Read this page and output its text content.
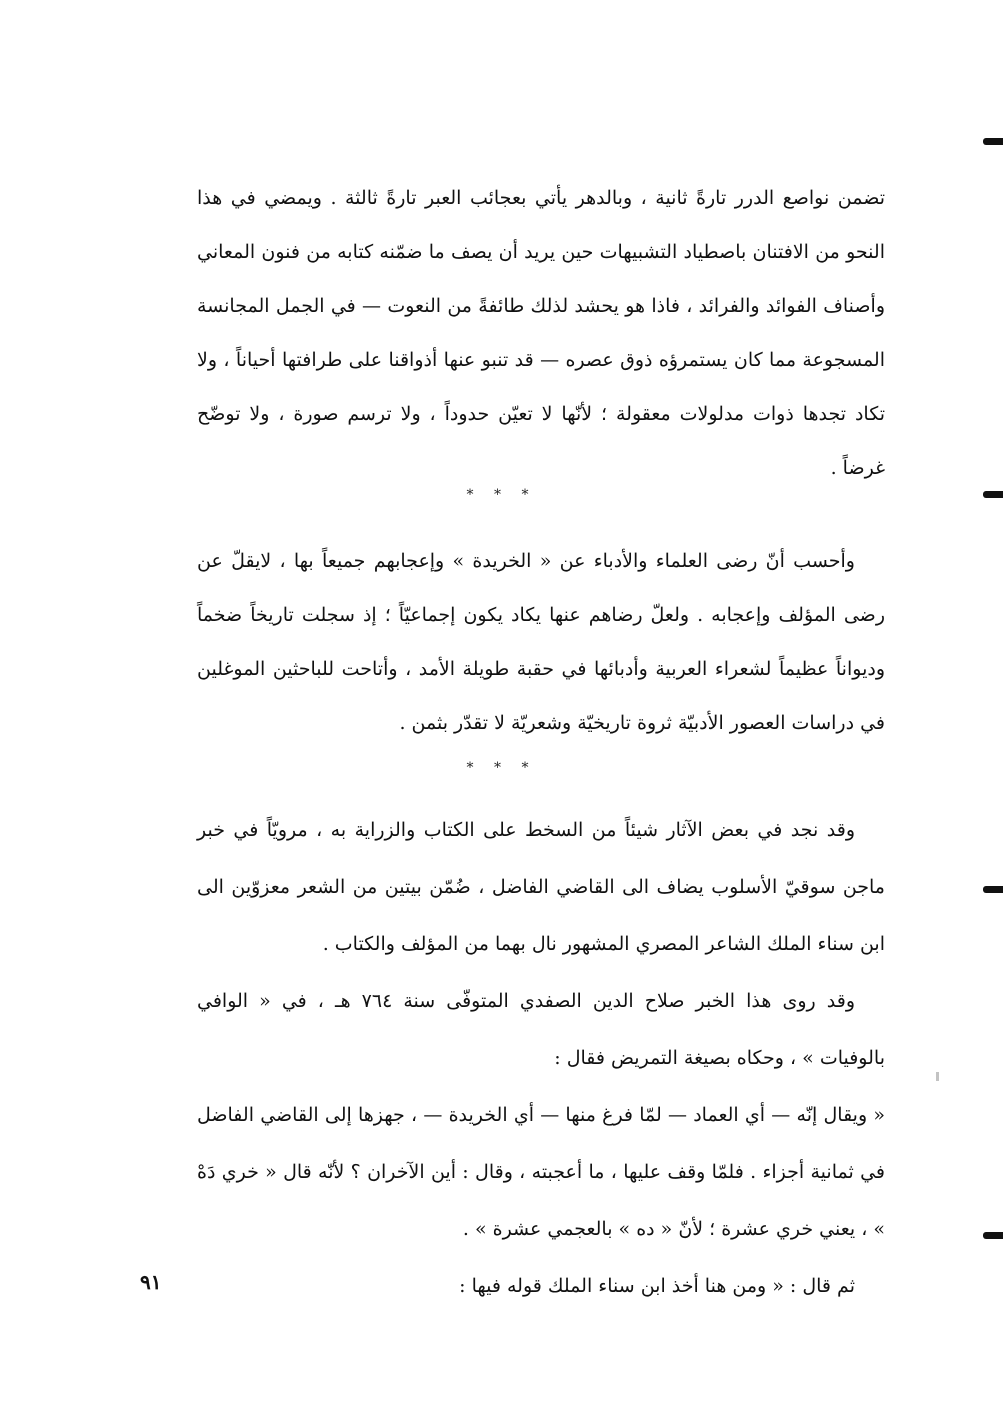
تضمن نواصع الدرر تارةً ثانية ، وبالدهر يأتي بعجائب العبر تارةً ثالثة . ويمضي في هذا النحو من الافتنان باصطياد التشبيهات حين يريد أن يصف ما ضمّنه كتابه من فنون المعاني وأصناف الفوائد والفرائد ، فاذا هو يحشد لذلك طائفةً من النعوت — في الجمل المجانسة المسجوعة مما كان يستمرؤه ذوق عصره — قد تنبو عنها أذواقنا على طرافتها أحياناً ، ولا تكاد تجدها ذوات مدلولات معقولة ؛ لأنّها لا تعيّن حدوداً ، ولا ترسم صورة ، ولا توضّح غرضاً .

* * *

وأحسب أنّ رضى العلماء والأدباء عن « الخريدة » وإعجابهم جميعاً بها ، لايقلّ عن رضى المؤلف وإعجابه . ولعلّ رضاهم عنها يكاد يكون إجماعيّاً ؛ إذ سجلت تاريخاً ضخماً وديواناً عظيماً لشعراء العربية وأدبائها في حقبة طويلة الأمد ، وأتاحت للباحثين الموغلين في دراسات العصور الأدبيّة ثروة تاريخيّة وشعريّة لا تقدّر بثمن .

* * *

وقد نجد في بعض الآثار شيئاً من السخط على الكتاب والزراية به ، مرويّاً في خبر ماجن سوقيّ الأسلوب يضاف الى القاضي الفاضل ، ضُمّن بيتين من الشعر معزوّين الى ابن سناء الملك الشاعر المصري المشهور نال بهما من المؤلف والكتاب .

وقد روى هذا الخبر صلاح الدين الصفدي المتوفّى سنة ٧٦٤ هـ ، في « الوافي بالوفيات » ، وحكاه بصيغة التمريض فقال :

« ويقال إنّه — أي العماد — لمّا فرغ منها — أي الخريدة — ، جهزها إلى القاضي الفاضل في ثمانية أجزاء . فلمّا وقف عليها ، ما أعجبته ، وقال : أين الآخران ؟ لأنّه قال « خري دَهْ » ، يعني خري عشرة ؛ لأنّ « ده » بالعجمي عشرة » .

ثم قال : « ومن هنا أخذ ابن سناء الملك قوله فيها :

٩١
